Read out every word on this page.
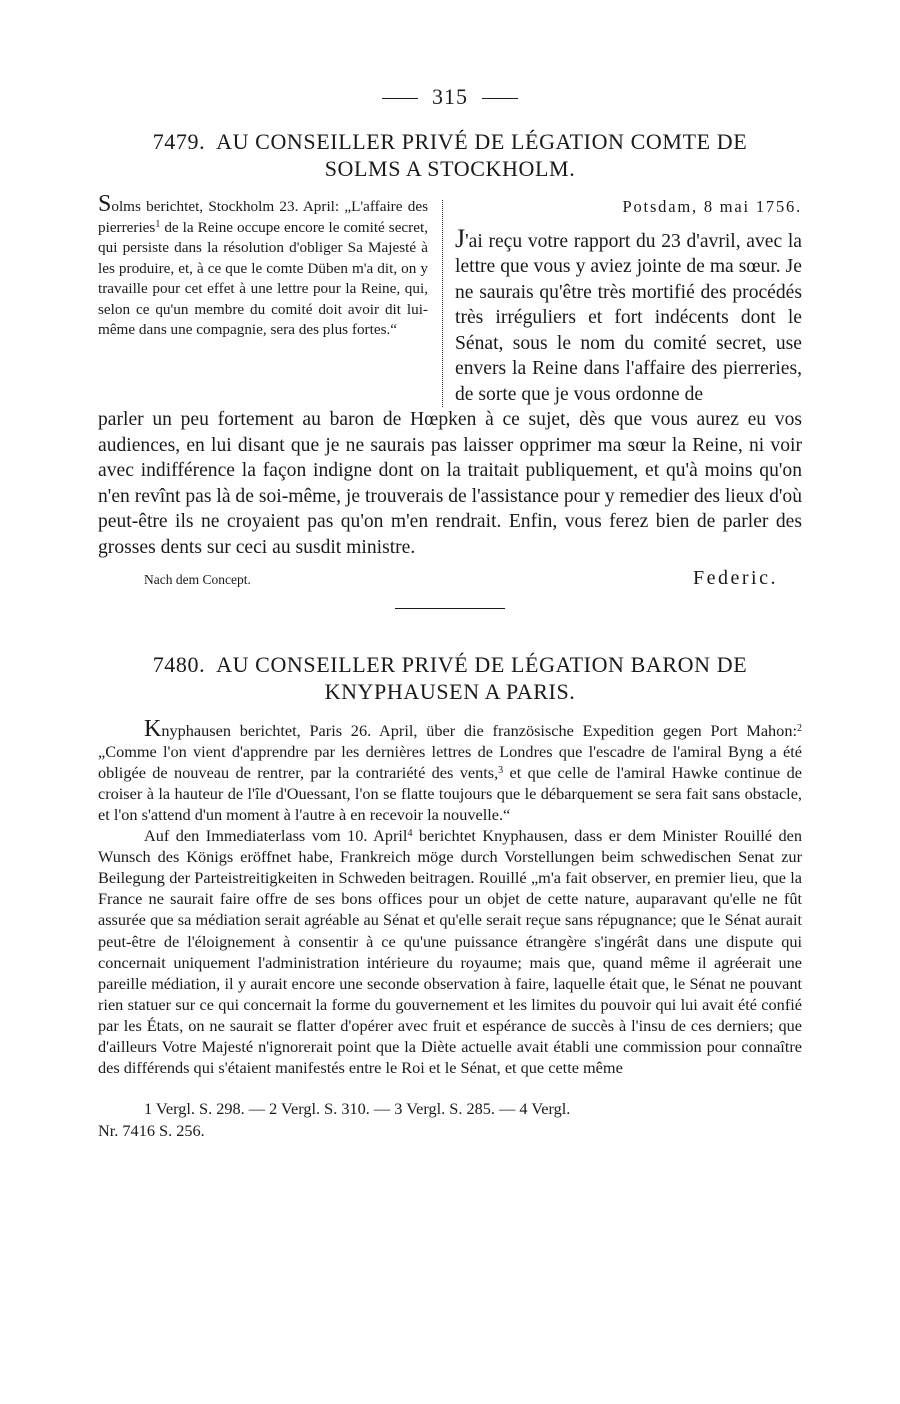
315
7479. AU CONSEILLER PRIVÉ DE LÉGATION COMTE DE
SOLMS A STOCKHOLM.
Solms berichtet, Stockholm 23. April: „L'affaire des pierreries$^1$ de la Reine occupe encore le comité secret, qui persiste dans la résolution d'obliger Sa Majesté à les produire, et, à ce que le comte Düben m'a dit, on y travaille pour cet effet à une lettre pour la Reine, qui, selon ce qu'un membre du comité doit avoir dit lui-même dans une compagnie, sera des plus fortes.“

Potsdam, 8 mai 1756.

J'ai reçu votre rapport du 23 d'avril, avec la lettre que vous y aviez jointe de ma sœur. Je ne saurais qu'être très mortifié des procédés très irréguliers et fort indécents dont le Sénat, sous le nom du comité secret, use envers la Reine dans l'affaire des pierreries, de sorte que je vous ordonne de

parler un peu fortement au baron de Hœpken à ce sujet, dès que vous aurez eu vos audiences, en lui disant que je ne saurais pas laisser opprimer ma sœur la Reine, ni voir avec indifférence la façon indigne dont on la traitait publiquement, et qu'à moins qu'on n'en revînt pas là de soi-même, je trouverais de l'assistance pour y remedier des lieux d'où peut-être ils ne croyaient pas qu'on m'en rendrait. Enfin, vous ferez bien de parler des grosses dents sur ceci au susdit ministre.

Nach dem Concept.	Federic.
7480. AU CONSEILLER PRIVÉ DE LÉGATION BARON DE
KNYPHAUSEN A PARIS.

Knyphausen berichtet, Paris 26. April, über die französische Expedition gegen Port Mahon:$^2$ „Comme l'on vient d'apprendre par les dernières lettres de Londres que l'escadre de l'amiral Byng a été obligée de nouveau de rentrer, par la contrariété des vents,$^3$ et que celle de l'amiral Hawke continue de croiser à la hauteur de l'île d'Ouessant, l'on se flatte toujours que le débarquement se sera fait sans obstacle, et l'on s'attend d'un moment à l'autre à en recevoir la nouvelle.“

Auf den Immediaterlass vom 10. April$^4$ berichtet Knyphausen, dass er dem Minister Rouillé den Wunsch des Königs eröffnet habe, Frankreich möge durch Vorstellungen beim schwedischen Senat zur Beilegung der Parteistreitigkeiten in Schweden beitragen. Rouillé „m'a fait observer, en premier lieu, que la France ne saurait faire offre de ses bons offices pour un objet de cette nature, auparavant qu'elle ne fût assurée que sa médiation serait agréable au Sénat et qu'elle serait reçue sans répugnance; que le Sénat aurait peut-être de l'éloignement à consentir à ce qu'une puissance étrangère s'ingérât dans une dispute qui concernait uniquement l'administration intérieure du royaume; mais que, quand même il agréerait une pareille médiation, il y aurait encore une seconde observation à faire, laquelle était que, le Sénat ne pouvant rien statuer sur ce qui concernait la forme du gouvernement et les limites du pouvoir qui lui avait été confié par les États, on ne saurait se flatter d'opérer avec fruit et espérance de succès à l'insu de ces derniers; que d'ailleurs Votre Majesté n'ignorerait point que la Diète actuelle avait établi une commission pour connaître des différends qui s'étaient manifestés entre le Roi et le Sénat, et que cette même

1 Vergl. S. 298. — 2 Vergl. S. 310. — 3 Vergl. S. 285. — 4 Vergl.

Nr. 7416 S. 256.
